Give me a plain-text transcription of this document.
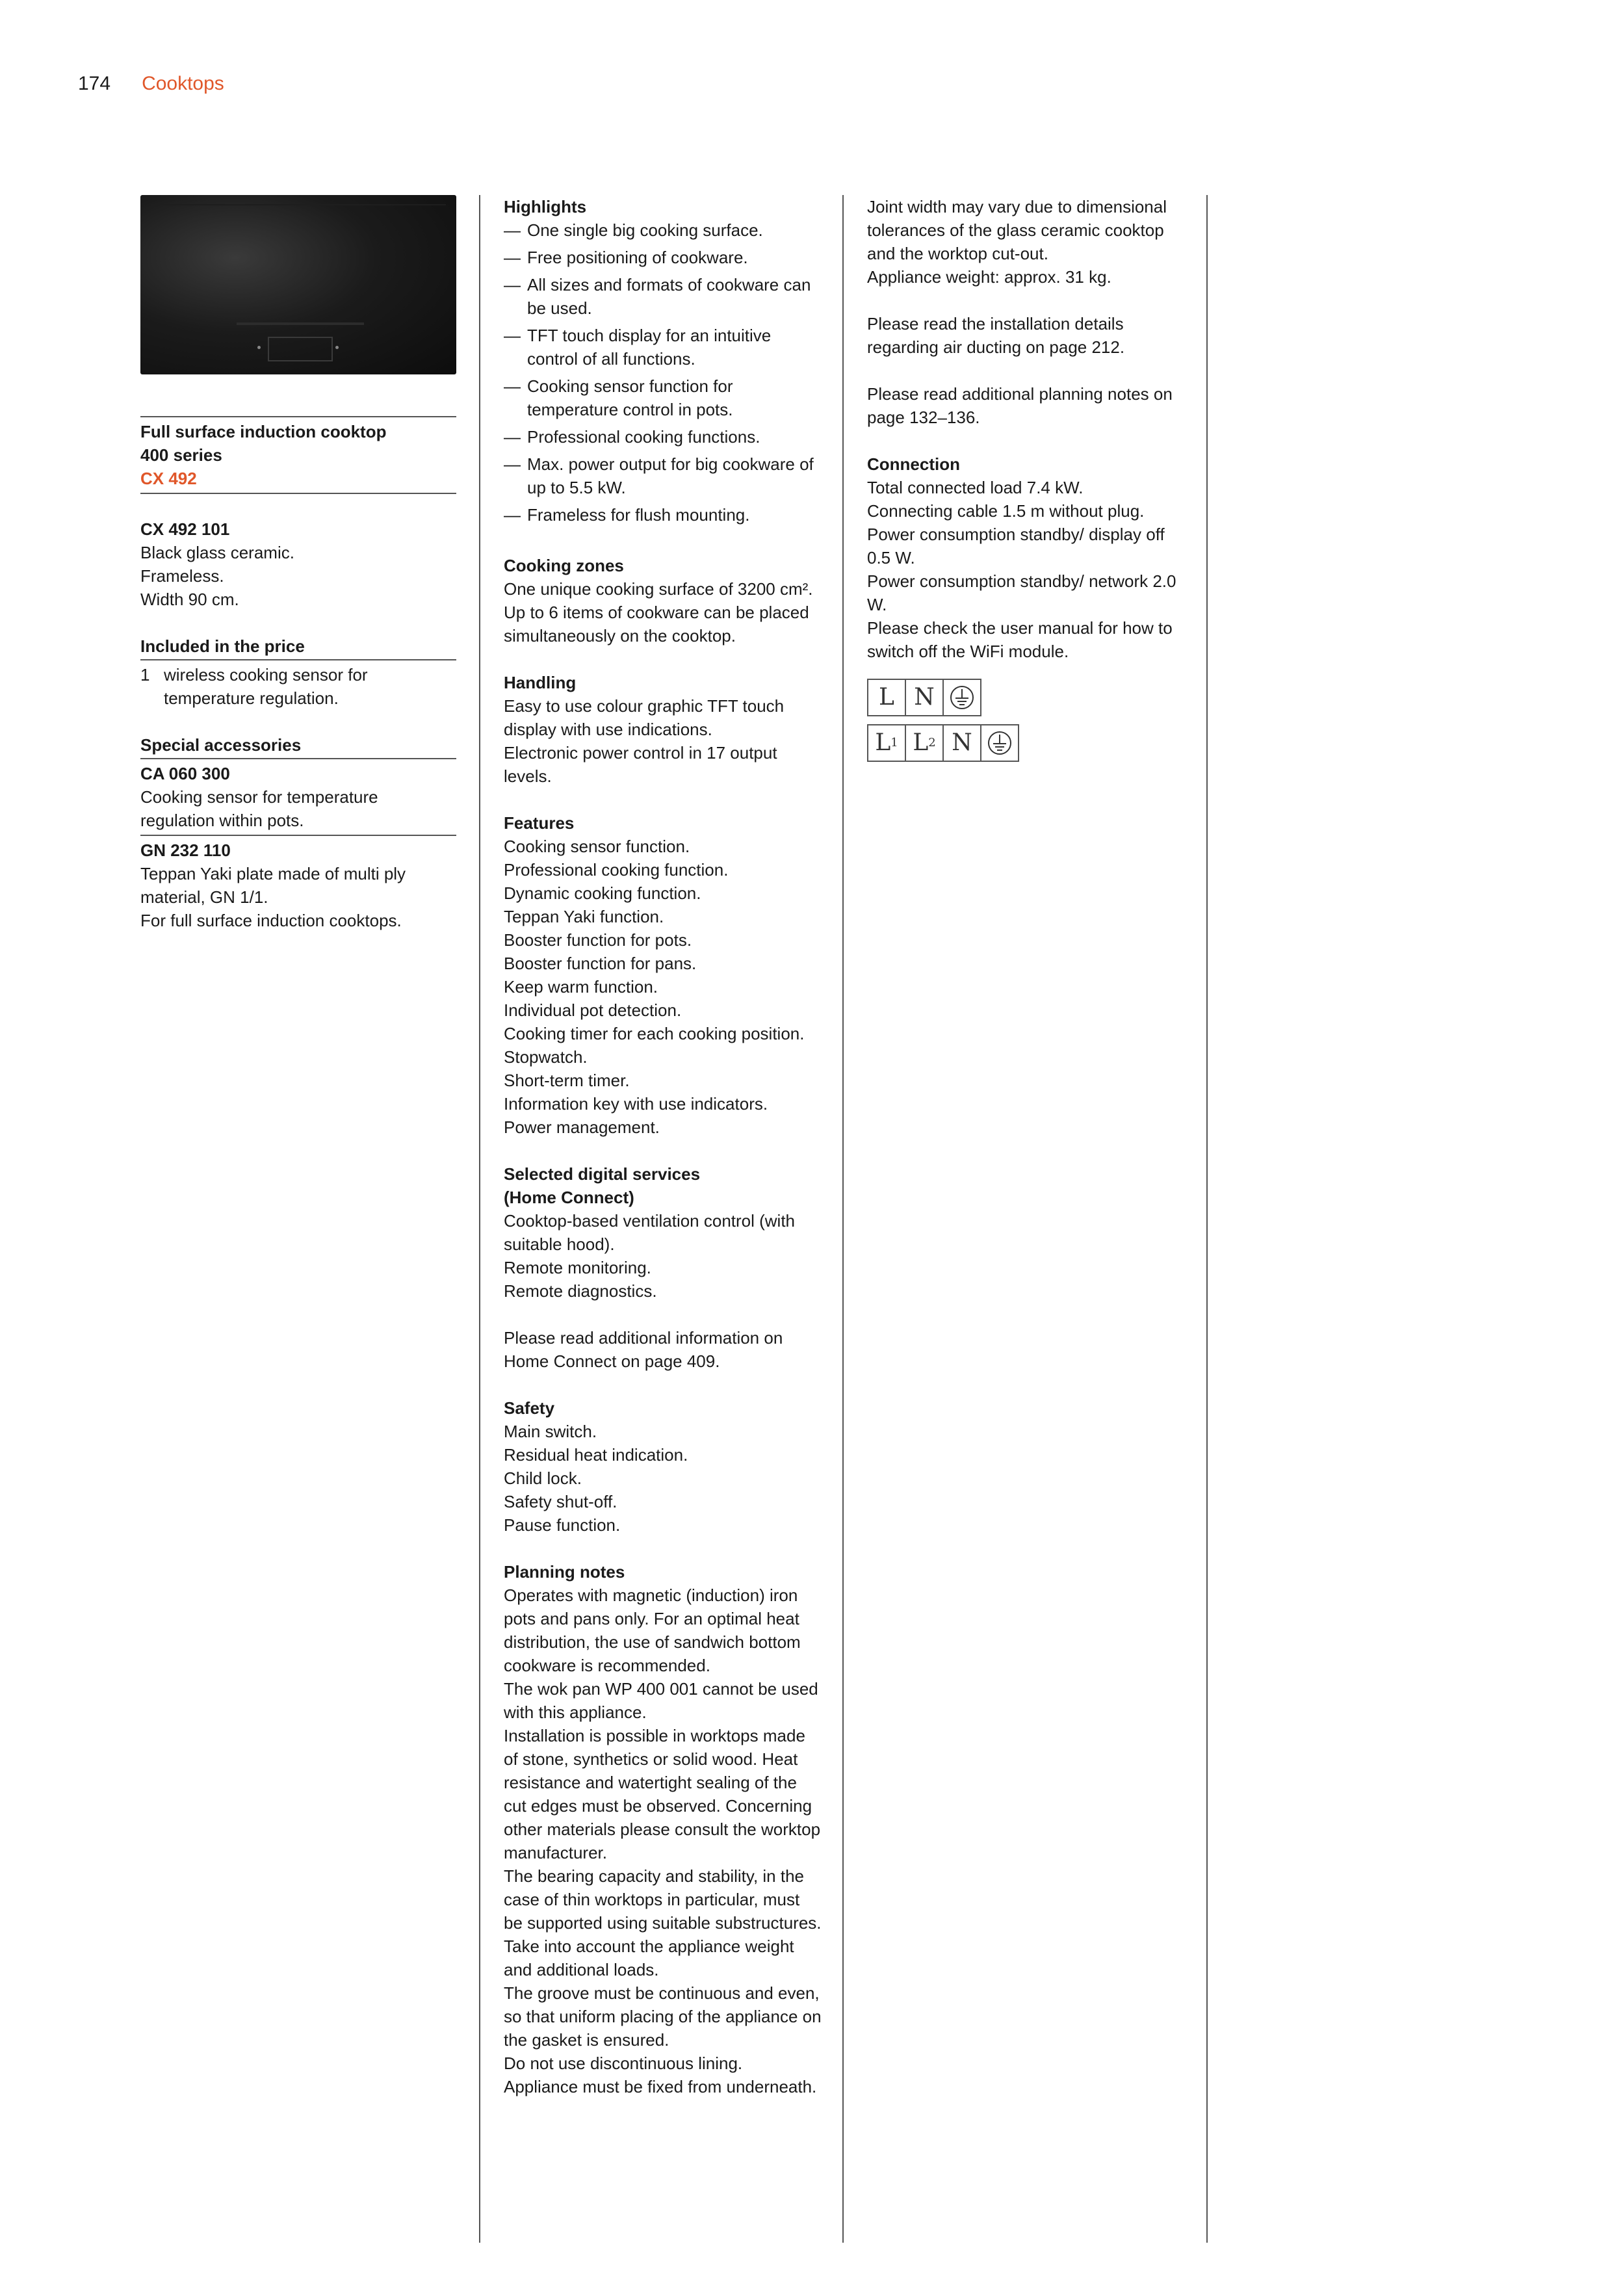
174 Cooktops

Full surface induction cooktop

400 series

CX 492

CX 492 101

Black glass ceramic.

Frameless.

Width 90 cm.

Included in the price

1 wireless cooking sensor for temperature regulation.

Special accessories

CA 060 300

Cooking sensor for temperature regulation within pots.

GN 232 110

Teppan Yaki plate made of multi ply material, GN 1/1.

For full surface induction cooktops.

Highlights

— One single big cooking surface.
— Free positioning of cookware.
— All sizes and formats of cookware can be used.
— TFT touch display for an intuitive control of all functions.
— Cooking sensor function for temperature control in pots.
— Professional cooking functions.
— Max. power output for big cookware of up to 5.5 kW.
— Frameless for flush mounting.

Cooking zones

One unique cooking surface of 3200 cm².

Up to 6 items of cookware can be placed simultaneously on the cooktop.

Handling

Easy to use colour graphic TFT touch display with use indications.

Electronic power control in 17 output levels.

Features

Cooking sensor function.

Professional cooking function.

Dynamic cooking function.

Teppan Yaki function.

Booster function for pots.

Booster function for pans.

Keep warm function.

Individual pot detection.

Cooking timer for each cooking position.

Stopwatch.

Short-term timer.

Information key with use indicators.

Power management.

Selected digital services

(Home Connect)

Cooktop-based ventilation control (with suitable hood).

Remote monitoring.

Remote diagnostics.

Please read additional information on Home Connect on page 409.

Safety

Main switch.

Residual heat indication.

Child lock.

Safety shut-off.

Pause function.

Planning notes

Operates with magnetic (induction) iron pots and pans only. For an optimal heat distribution, the use of sandwich bottom cookware is recommended.

The wok pan WP 400 001 cannot be used with this appliance.

Installation is possible in worktops made of stone, synthetics or solid wood. Heat resistance and watertight sealing of the cut edges must be observed. Concerning other materials please consult the worktop manufacturer.

The bearing capacity and stability, in the case of thin worktops in particular, must be supported using suitable substructures. Take into account the appliance weight and additional loads.

The groove must be continuous and even, so that uniform placing of the appliance on the gasket is ensured.

Do not use discontinuous lining.

Appliance must be fixed from underneath.

Joint width may vary due to dimensional tolerances of the glass ceramic cooktop and the worktop cut-out.

Appliance weight: approx. 31 kg.

Please read the installation details regarding air ducting on page 212.

Please read additional planning notes on page 132–136.

Connection

Total connected load 7.4 kW.

Connecting cable 1.5 m without plug.

Power consumption standby/ display off 0.5 W.

Power consumption standby/ network 2.0 W.

Please check the user manual for how to switch off the WiFi module.

L N
L 1 L 2 N
